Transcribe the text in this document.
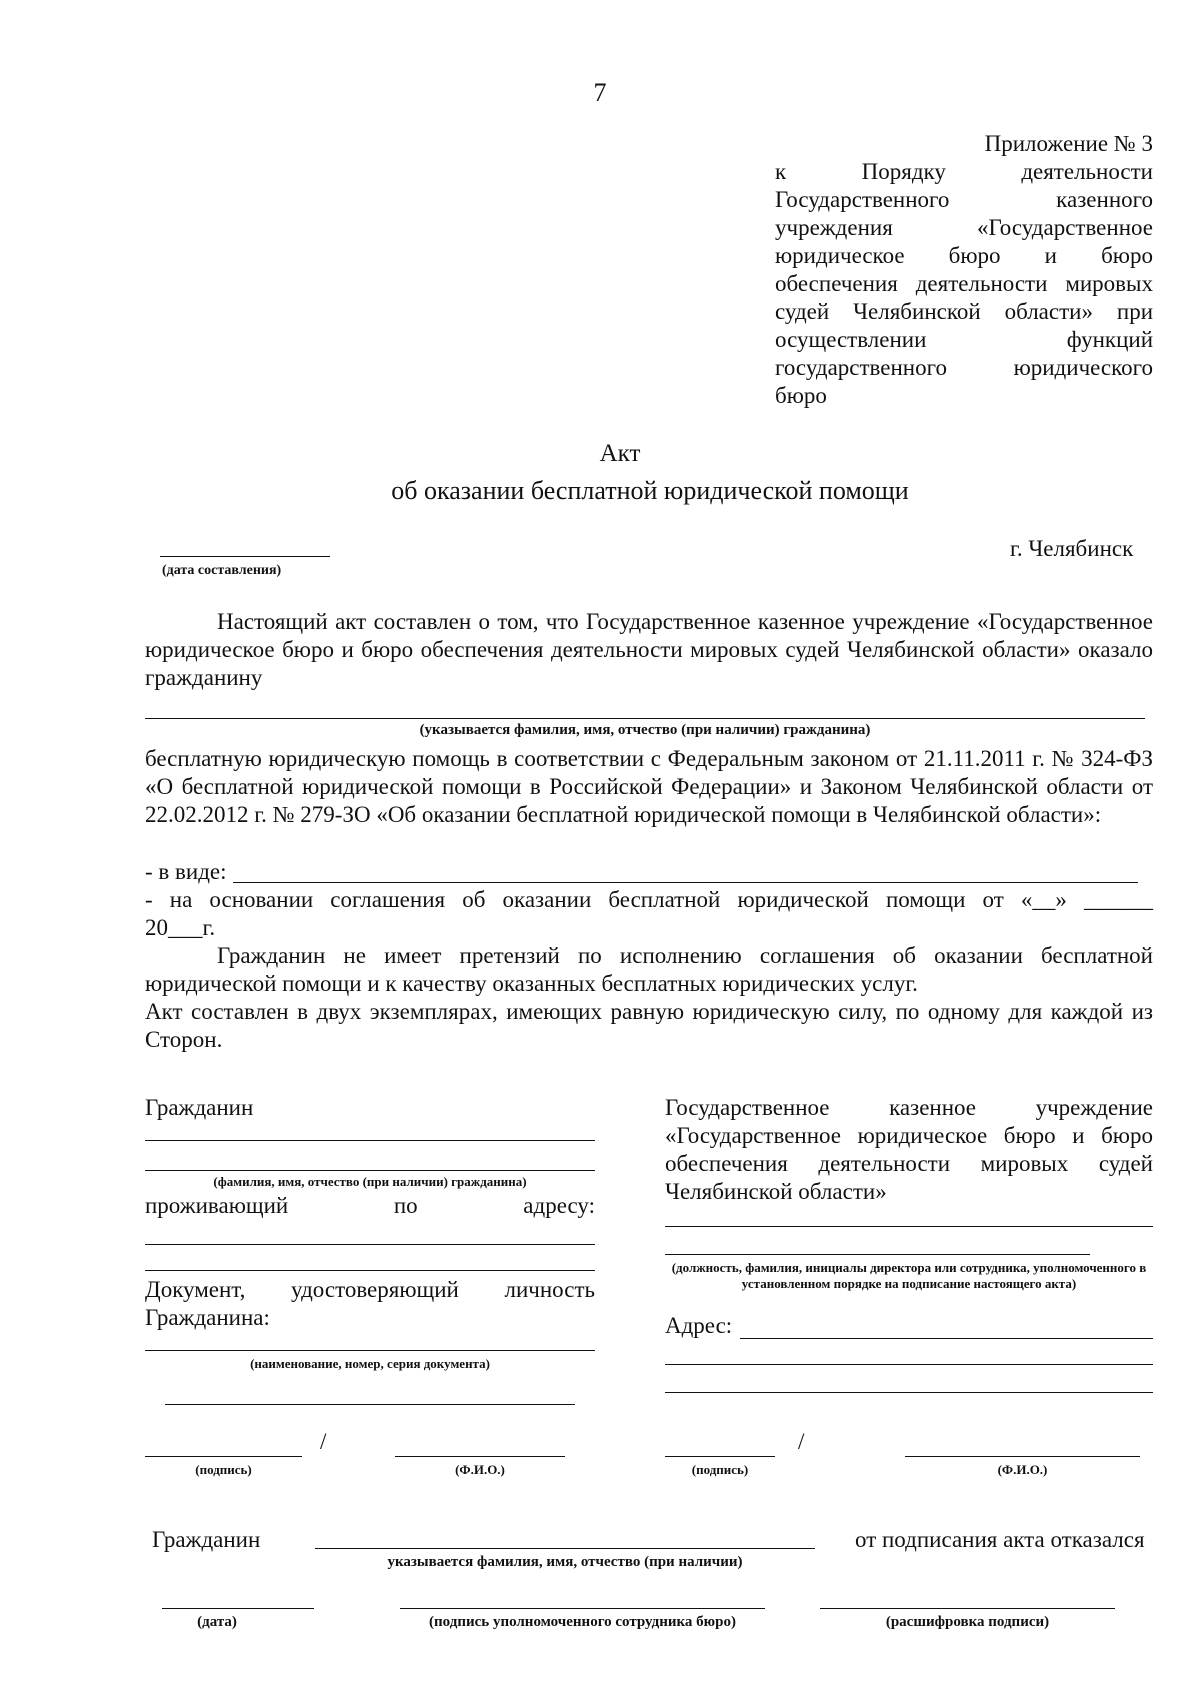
7
Приложение № 3
к Порядку деятельности
Государственного казенного
учреждения «Государственное
юридическое бюро и бюро
обеспечения деятельности мировых
судей Челябинской области» при
осуществлении функций
государственного юридического
бюро
Акт
об оказании бесплатной юридической помощи
(дата составления)
г. Челябинск
Настоящий акт составлен о том, что Государственное казенное учреждение «Государственное юридическое бюро и бюро обеспечения деятельности мировых судей Челябинской области» оказало гражданину
(указывается фамилия, имя, отчество (при наличии) гражданина)
бесплатную юридическую помощь в соответствии с Федеральным законом от 21.11.2011 г. № 324-ФЗ «О бесплатной юридической помощи в Российской Федерации» и Законом Челябинской области от 22.02.2012 г. № 279-ЗО «Об оказании бесплатной юридической помощи в Челябинской области»:
- в виде:
- на основании соглашения об оказании бесплатной юридической помощи от «__» ______
20___г.
Гражданин не имеет претензий по исполнению соглашения об оказании бесплатной юридической помощи и к качеству оказанных бесплатных юридических услуг.
Акт составлен в двух экземплярах, имеющих равную юридическую силу, по одному для каждой из Сторон.
Гражданин
(фамилия, имя, отчество (при наличии) гражданина)
проживающий по адресу:
Документ, удостоверяющий личность Гражданина:
(наименование, номер, серия документа)
/
(подпись)	(Ф.И.О.)
Государственное казенное учреждение «Государственное юридическое бюро и бюро обеспечения деятельности мировых судей Челябинской области»
(должность, фамилия, инициалы директора или сотрудника, уполномоченного в установленном порядке на подписание настоящего акта)
Адрес:
/
(подпись)	(Ф.И.О.)
Гражданин	от подписания акта отказался
указывается фамилия, имя, отчество (при наличии)
(дата)	(подпись уполномоченного сотрудника бюро)	(расшифровка подписи)
